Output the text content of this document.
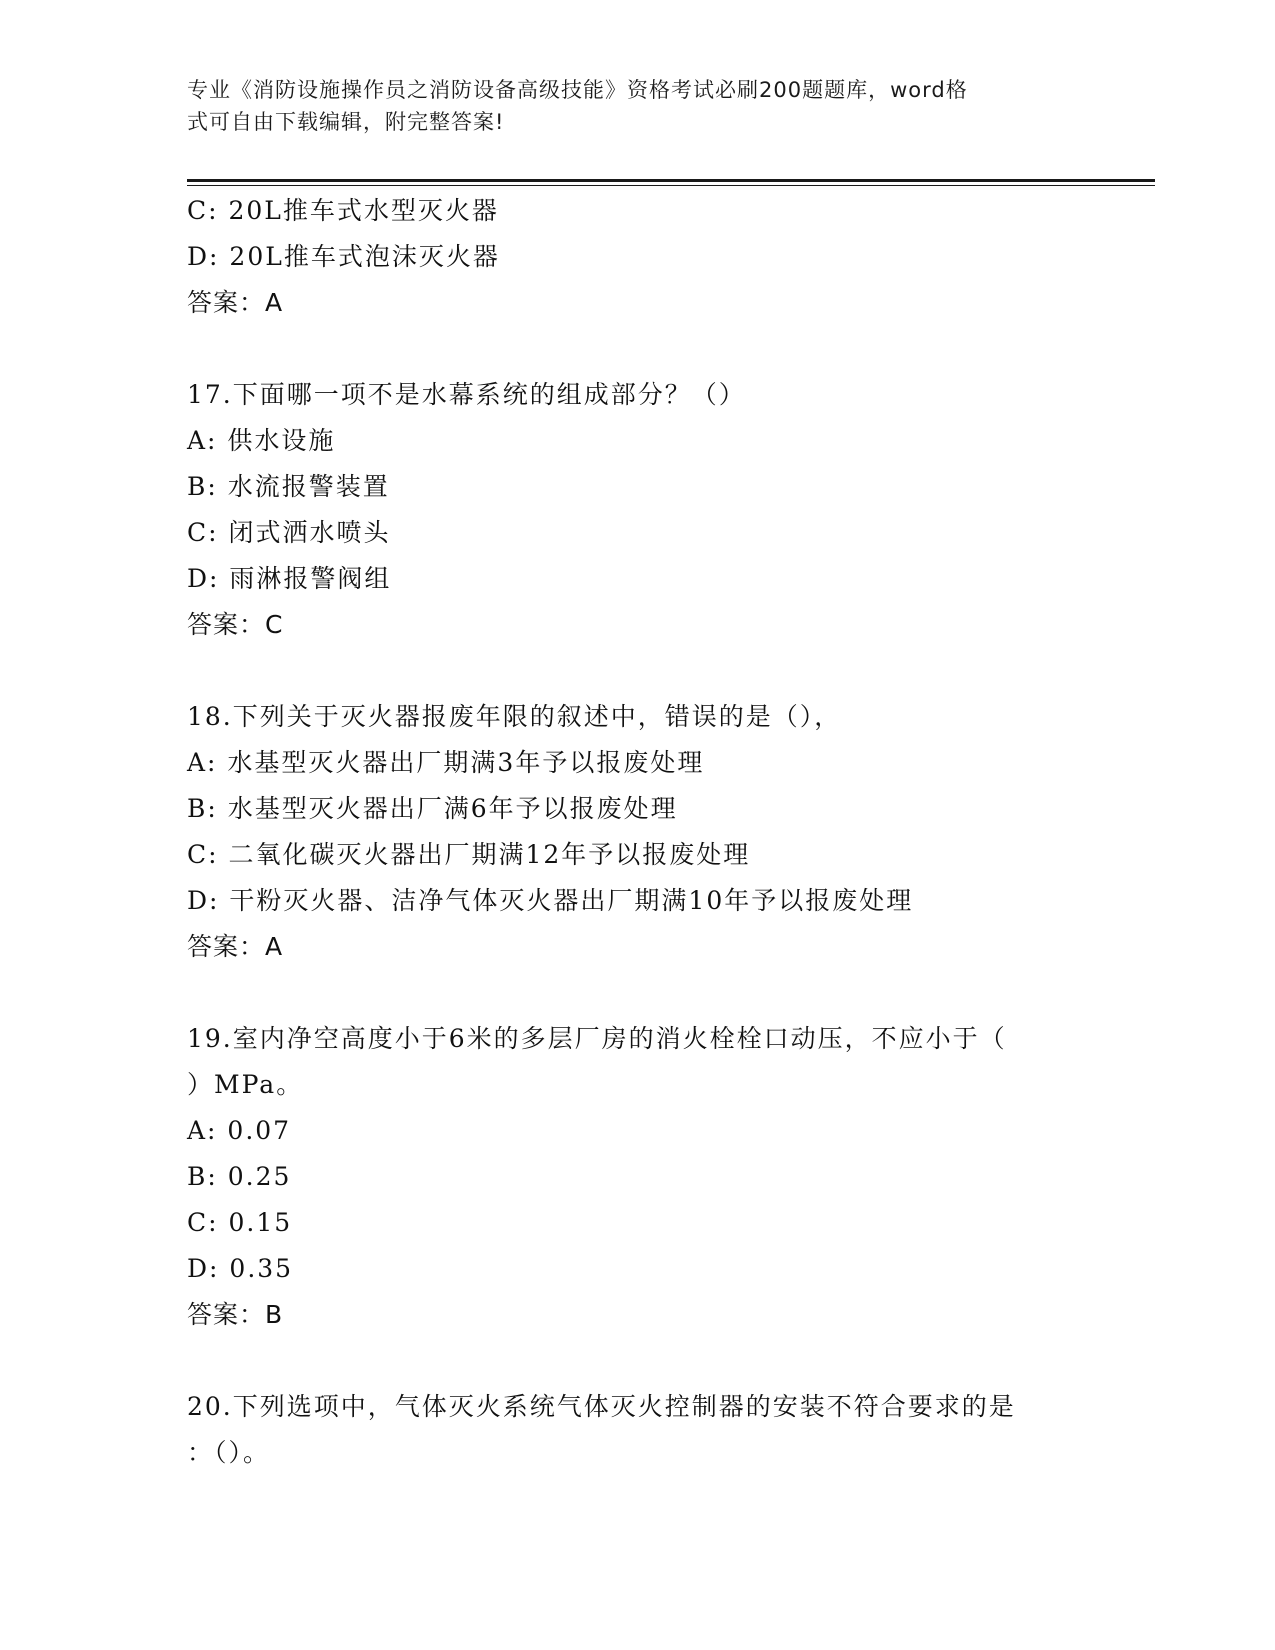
专业《消防设施操作员之消防设备高级技能》资格考试必刷200题题库，word格
式可自由下载编辑，附完整答案!
C: 20L推车式水型灭火器
D: 20L推车式泡沫灭火器
答案：A
17.下面哪一项不是水幕系统的组成部分？（）
A: 供水设施
B: 水流报警装置
C: 闭式洒水喷头
D: 雨淋报警阀组
答案：C
18.下列关于灭火器报废年限的叙述中，错误的是（），
A: 水基型灭火器出厂期满3年予以报废处理
B: 水基型灭火器出厂满6年予以报废处理
C: 二氧化碳灭火器出厂期满12年予以报废处理
D: 干粉灭火器、洁净气体灭火器出厂期满10年予以报废处理
答案：A
19.室内净空高度小于6米的多层厂房的消火栓栓口动压，不应小于（
）MPa。
A: 0.07
B: 0.25
C: 0.15
D: 0.35
答案：B
20.下列选项中，气体灭火系统气体灭火控制器的安装不符合要求的是
：（）。
